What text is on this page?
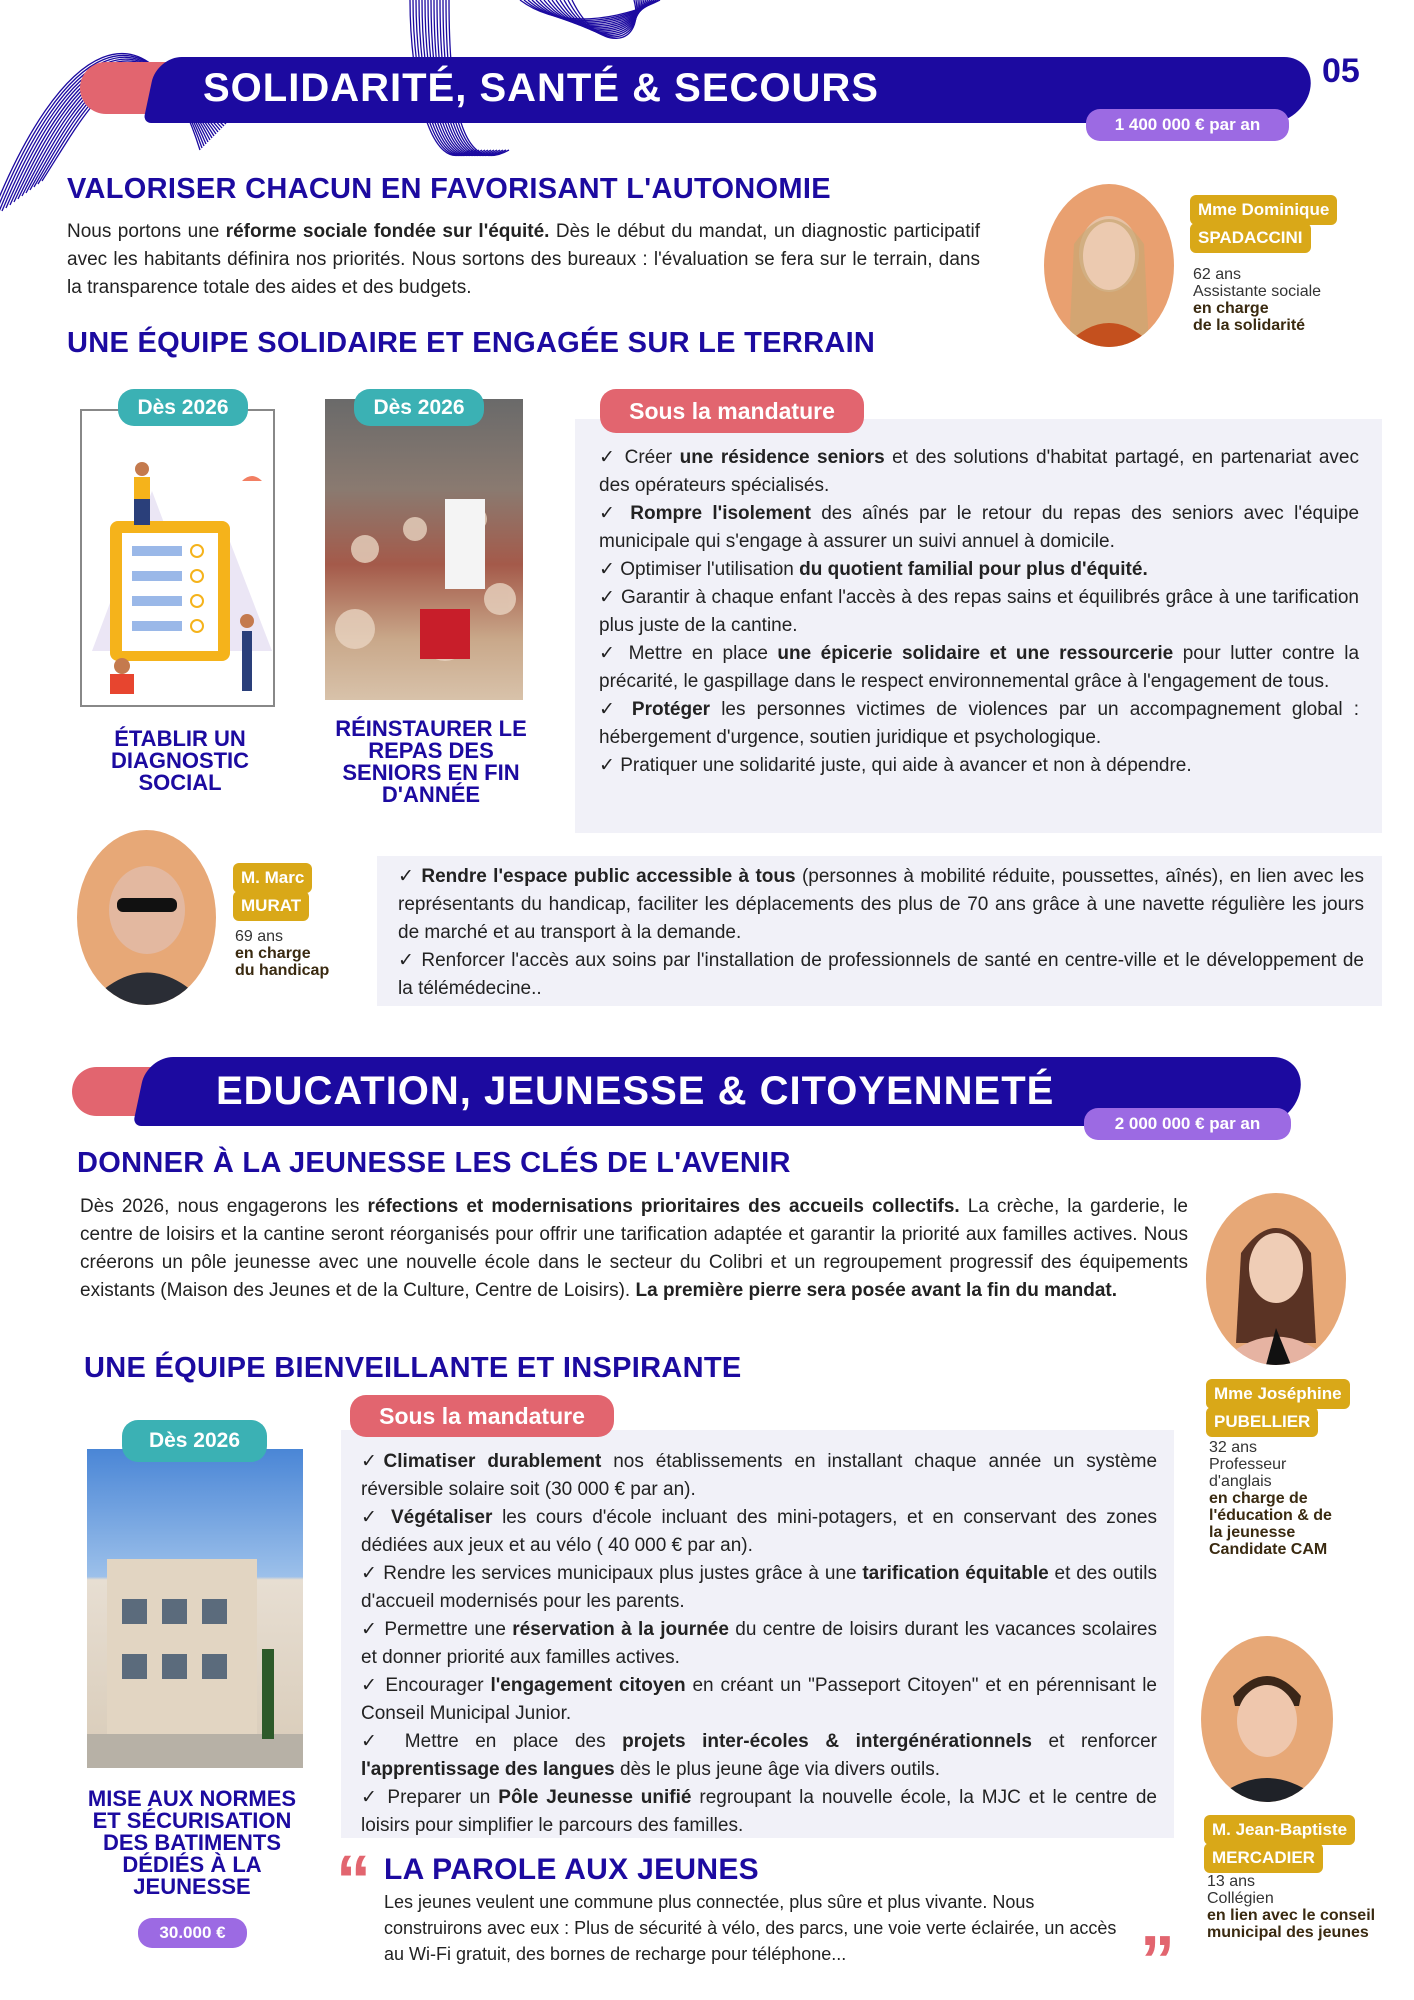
SOLIDARITÉ, SANTÉ & SECOURS	05
1 400 000 € par an
VALORISER CHACUN EN FAVORISANT L'AUTONOMIE
Nous portons une réforme sociale fondée sur l'équité. Dès le début du mandat, un diagnostic participatif avec les habitants définira nos priorités. Nous sortons des bureaux : l'évaluation se fera sur le terrain, dans la transparence totale des aides et des budgets.
UNE ÉQUIPE SOLIDAIRE ET ENGAGÉE SUR LE TERRAIN
Mme Dominique
SPADACCINI
62 ans
Assistante sociale
en charge
de la solidarité
Dès 2026
ÉTABLIR UN DIAGNOSTIC SOCIAL
Dès 2026
RÉINSTAURER LE REPAS DES SENIORS EN FIN D'ANNÉE
Sous la mandature
✓ Créer une résidence seniors et des solutions d'habitat partagé, en partenariat avec des opérateurs spécialisés.
✓ Rompre l'isolement des aînés par le retour du repas des seniors avec l'équipe municipale qui s'engage à assurer un suivi annuel à domicile.
✓ Optimiser l'utilisation du quotient familial pour plus d'équité.
✓ Garantir à chaque enfant l'accès à des repas sains et équilibrés grâce à une tarification plus juste de la cantine.
✓ Mettre en place une épicerie solidaire et une ressourcerie pour lutter contre la précarité, le gaspillage dans le respect environnemental grâce à l'engagement de tous.
✓ Protéger les personnes victimes de violences par un accompagnement global : hébergement d'urgence, soutien juridique et psychologique.
✓ Pratiquer une solidarité juste, qui aide à avancer et non à dépendre.
M. Marc
MURAT
69 ans
en charge
du handicap
✓ Rendre l'espace public accessible à tous (personnes à mobilité réduite, poussettes, aînés), en lien avec les représentants du handicap, faciliter les déplacements des plus de 70 ans grâce à une navette régulière les jours de marché et au transport à la demande.
✓ Renforcer l'accès aux soins par l'installation de professionnels de santé en centre-ville et le développement de la télémédecine..
EDUCATION, JEUNESSE & CITOYENNETÉ
2 000 000 € par an
DONNER À LA JEUNESSE LES CLÉS DE L'AVENIR
Dès 2026, nous engagerons les réfections et modernisations prioritaires des accueils collectifs. La crèche, la garderie, le centre de loisirs et la cantine seront réorganisés pour offrir une tarification adaptée et garantir la priorité aux familles actives. Nous créerons un pôle jeunesse avec une nouvelle école dans le secteur du Colibri et un regroupement progressif des équipements existants (Maison des Jeunes et de la Culture, Centre de Loisirs). La première pierre sera posée avant la fin du mandat.
UNE ÉQUIPE BIENVEILLANTE ET INSPIRANTE
Mme Joséphine
PUBELLIER
32 ans
Professeur d'anglais
en charge de l'éducation & de la jeunesse
Candidate CAM
Dès 2026
MISE AUX NORMES ET SÉCURISATION DES BATIMENTS DÉDIÉS À LA JEUNESSE
30.000 €
Sous la mandature
✓Climatiser durablement nos établissements en installant chaque année un système réversible solaire soit (30 000 € par an).
✓ Végétaliser les cours d'école incluant des mini-potagers, et en conservant des zones dédiées aux jeux et au vélo ( 40 000 € par an).
✓ Rendre les services municipaux plus justes grâce à une tarification équitable et des outils d'accueil modernisés pour les parents.
✓ Permettre une réservation à la journée du centre de loisirs durant les vacances scolaires et donner priorité aux familles actives.
✓ Encourager l'engagement citoyen en créant un "Passeport Citoyen" et en pérennisant le Conseil Municipal Junior.
✓ Mettre en place des projets inter-écoles & intergénérationnels et renforcer l'apprentissage des langues dès le plus jeune âge via divers outils.
✓ Preparer un Pôle Jeunesse unifié regroupant la nouvelle école, la MJC et le centre de loisirs pour simplifier le parcours des familles.
“ LA PAROLE AUX JEUNES
Les jeunes veulent une commune plus connectée, plus sûre et plus vivante. Nous construirons avec eux : Plus de sécurité à vélo, des parcs, une voie verte éclairée, un accès au Wi-Fi gratuit, des bornes de recharge pour téléphone...	”
M. Jean-Baptiste
MERCADIER
13 ans
Collégien
en lien avec le conseil municipal des jeunes
